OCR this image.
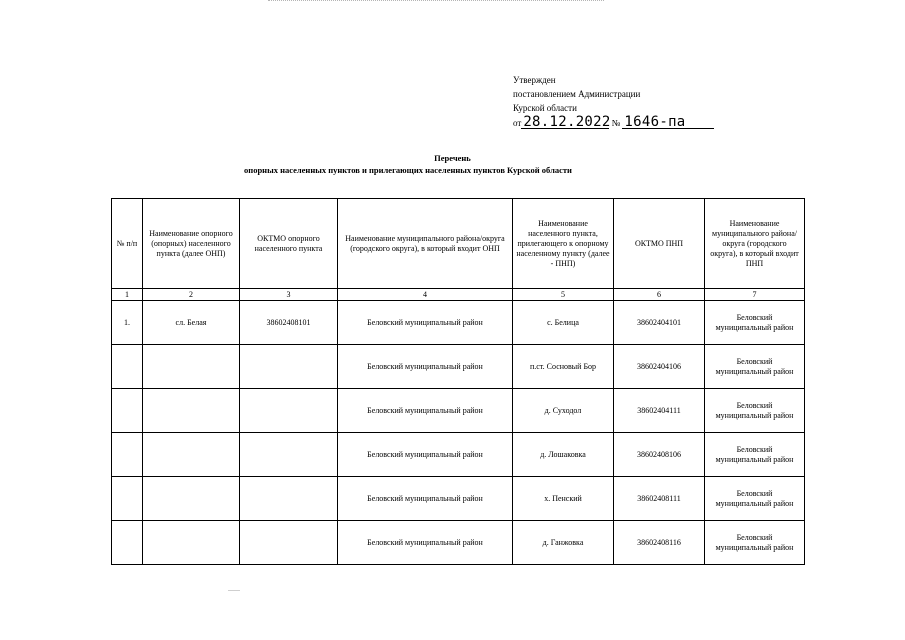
Утвержден
постановлением Администрации
Курской области
от 28.12.2022 № 1646-па
Перечень
опорных населенных пунктов и прилегающих населенных пунктов Курской области
№ п/п	Наименование опорного (опорных) населенного пункта (далее ОНП)	ОКТМО опорного населенного пункта	Наименование муниципального района/округа (городского округа), в который входит ОНП	Наименование населенного пункта, прилегающего к опорному населенному пункту (далее - ПНП)	ОКТМО ПНП	Наименование муниципального района/округа (городского округа), в который входит ПНП
1	2	3	4	5	6	7
1.	сл. Белая	38602408101	Беловский муниципальный район	с. Белица	38602404101	Беловский муниципальный район
			Беловский муниципальный район	п.ст. Сосновый Бор	38602404106	Беловский муниципальный район
			Беловский муниципальный район	д. Суходол	38602404111	Беловский муниципальный район
			Беловский муниципальный район	д. Лошаковка	38602408106	Беловский муниципальный район
			Беловский муниципальный район	х. Пенский	38602408111	Беловский муниципальный район
			Беловский муниципальный район	д. Ганжовка	38602408116	Беловский муниципальный район
